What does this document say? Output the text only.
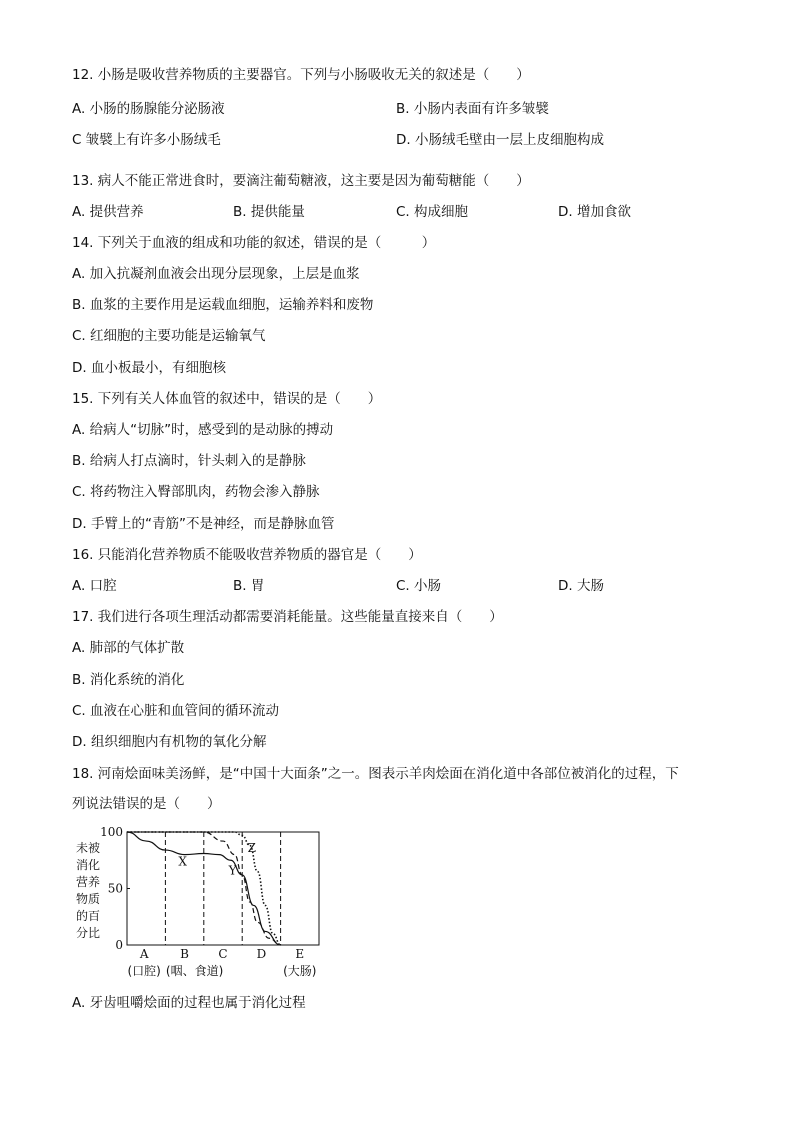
12. 小肠是吸收营养物质的主要器官。下列与小肠吸收无关的叙述是（　　）
A. 小肠的肠腺能分泌肠液	B. 小肠内表面有许多皱襞
C 皱襞上有许多小肠绒毛	D. 小肠绒毛壁由一层上皮细胞构成
13. 病人不能正常进食时，要滴注葡萄糖液，这主要是因为葡萄糖能（　　）
A. 提供营养	B. 提供能量	C. 构成细胞	D. 增加食欲
14. 下列关于血液的组成和功能的叙述，错误的是（　　　）
A. 加入抗凝剂血液会出现分层现象，上层是血浆
B. 血浆的主要作用是运载血细胞，运输养料和废物
C. 红细胞的主要功能是运输氧气
D. 血小板最小，有细胞核
15. 下列有关人体血管的叙述中，错误的是（　　）
A. 给病人“切脉”时，感受到的是动脉的搏动
B. 给病人打点滴时，针头刺入的是静脉
C. 将药物注入臀部肌肉，药物会渗入静脉
D. 手臂上的“青筋”不是神经，而是静脉血管
16. 只能消化营养物质不能吸收营养物质的器官是（　　）
A. 口腔	B. 胃	C. 小肠	D. 大肠
17. 我们进行各项生理活动都需要消耗能量。这些能量直接来自（　　）
A. 肺部的气体扩散
B. 消化系统的消化
C. 血液在心脏和血管间的循环流动
D. 组织细胞内有机物的氧化分解
18. 河南烩面味美汤鲜，是“中国十大面条”之一。图表示羊肉烩面在消化道中各部位被消化的过程，下
列说法错误的是（　　）
未被
消化
营养
物质
的百
分比
100
50
0
X
Y
Z
A	B C D E
(口腔) (咽、食道)	(大肠)
A. 牙齿咀嚼烩面的过程也属于消化过程
